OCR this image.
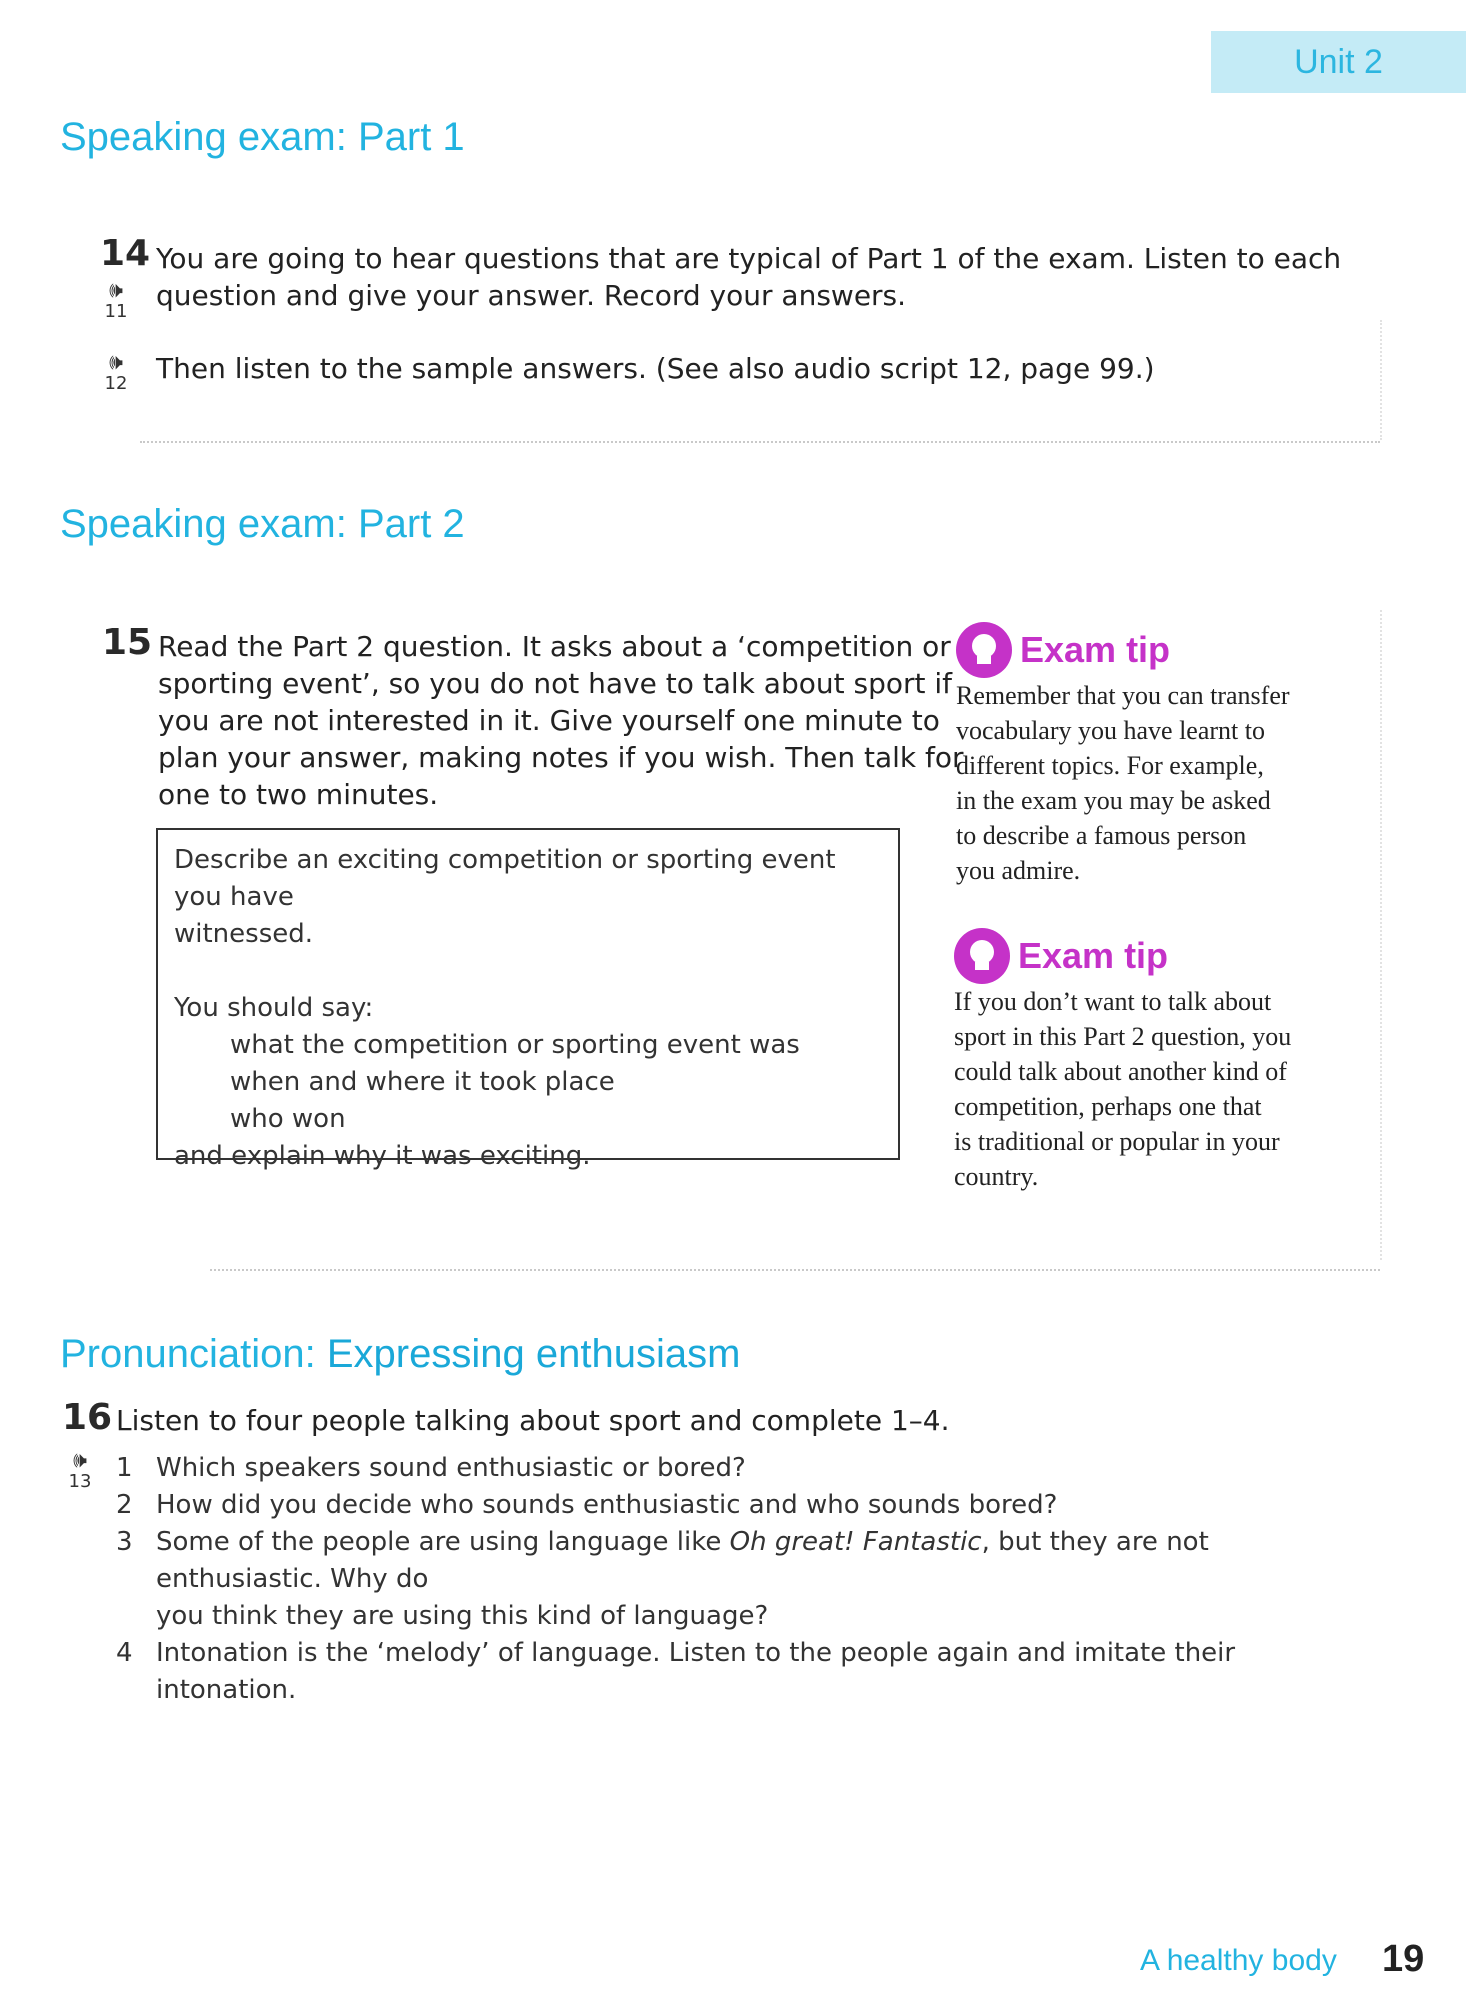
Unit 2
Speaking exam: Part 1
14 You are going to hear questions that are typical of Part 1 of the exam. Listen to each
🕪
11	question and give your answer. Record your answers.
🕪
12	Then listen to the sample answers. (See also audio script 12, page 99.)
Speaking exam: Part 2
15 Read the Part 2 question. It asks about a ‘competition or
sporting event’, so you do not have to talk about sport if
you are not interested in it. Give yourself one minute to
plan your answer, making notes if you wish. Then talk for
one to two minutes.
Describe an exciting competition or sporting event you have
witnessed.
You should say:
what the competition or sporting event was
when and where it took place
who won
and explain why it was exciting.
Exam tip
Remember that you can transfer
vocabulary you have learnt to
different topics. For example,
in the exam you may be asked
to describe a famous person
you admire.
Exam tip
If you don’t want to talk about
sport in this Part 2 question, you
could talk about another kind of
competition, perhaps one that
is traditional or popular in your
country.
Pronunciation: Expressing enthusiasm
16 Listen to four people talking about sport and complete 1–4.
🕪
13 1 Which speakers sound enthusiastic or bored?
2 How did you decide who sounds enthusiastic and who sounds bored?
3 Some of the people are using language like Oh great! Fantastic, but they are not enthusiastic. Why do
you think they are using this kind of language?
4 Intonation is the ‘melody’ of language. Listen to the people again and imitate their intonation.
A healthy body 19
